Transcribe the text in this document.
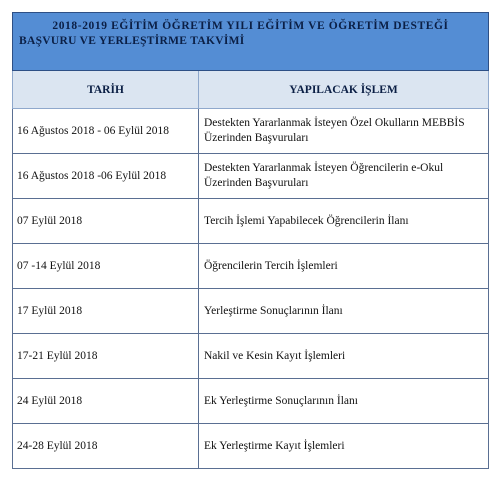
2018-2019 EĞİTİM ÖĞRETİM YILI EĞİTİM VE ÖĞRETİM DESTEĞİ
BAŞVURU VE YERLEŞTİRME TAKVİMİ	

TARİH	YAPILACAK İŞLEM
16 Ağustos 2018 - 06 Eylül 2018	Destekten Yararlanmak İsteyen Özel Okulların MEBBİS Üzerinden Başvuruları
16 Ağustos 2018 -06 Eylül 2018	Destekten Yararlanmak İsteyen Öğrencilerin e-Okul Üzerinden Başvuruları
07 Eylül 2018	Tercih İşlemi Yapabilecek Öğrencilerin İlanı
07 -14 Eylül 2018	Öğrencilerin Tercih İşlemleri
17 Eylül 2018	Yerleştirme Sonuçlarının İlanı
17-21 Eylül 2018	Nakil ve Kesin Kayıt İşlemleri
24 Eylül 2018	Ek Yerleştirme Sonuçlarının İlanı
24-28 Eylül 2018	Ek Yerleştirme Kayıt İşlemleri
